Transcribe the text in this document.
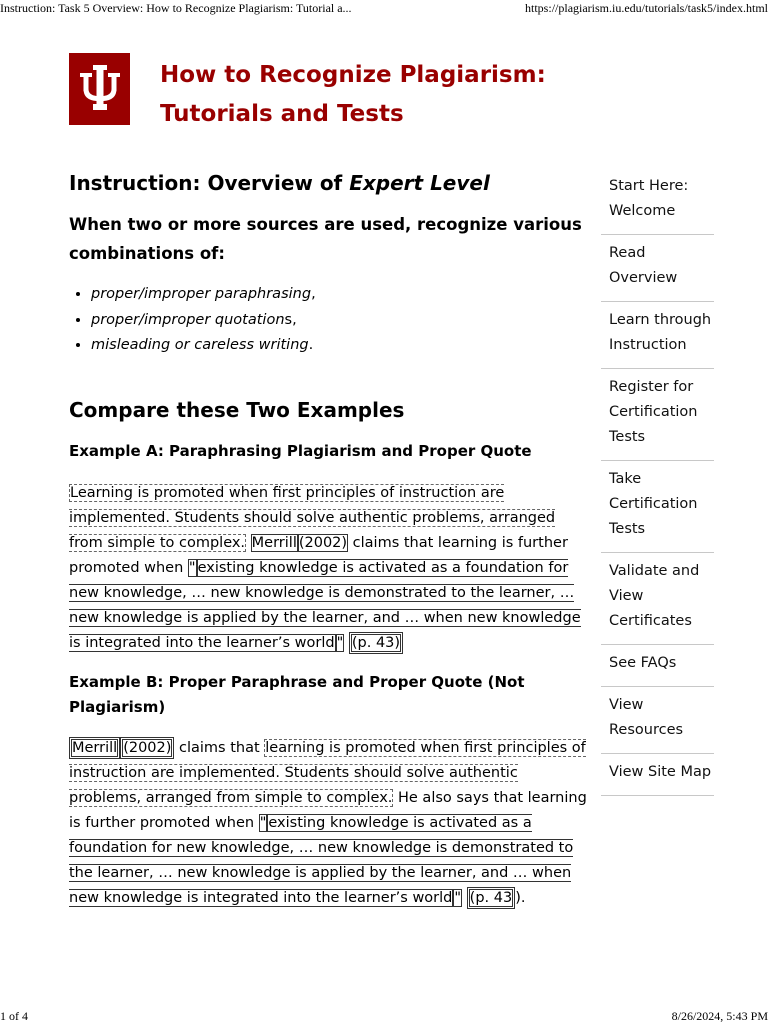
Instruction: Task 5 Overview: How to Recognize Plagiarism: Tutorial a...	https://plagiarism.iu.edu/tutorials/task5/index.html
How to Recognize Plagiarism:
Tutorials and Tests
Instruction: Overview of Expert Level

When two or more sources are used, recognize various combinations of:

• proper/improper paraphrasing,
• proper/improper quotations,
• misleading or careless writing.
Compare these Two Examples
Example A: Paraphrasing Plagiarism and Proper Quote

Learning is promoted when first principles of instruction are implemented. Students should solve authentic problems, arranged from simple to complex. Merrill (2002) claims that learning is further promoted when " existing knowledge is activated as a foundation for new knowledge, … new knowledge is demonstrated to the learner, … new knowledge is applied by the learner, and … when new knowledge is integrated into the learner’s world " (p. 43)

Example B: Proper Paraphrase and Proper Quote (Not Plagiarism)

Merrill (2002) claims that learning is promoted when first principles of instruction are implemented. Students should solve authentic problems, arranged from simple to complex. He also says that learning is further promoted when " existing knowledge is activated as a foundation for new knowledge, … new knowledge is demonstrated to the learner, … new knowledge is applied by the learner, and … when new knowledge is integrated into the learner’s world " (p. 43 ).

Start Here: Welcome
Read Overview
Learn through Instruction
Register for Certification Tests
Take Certification Tests
Validate and View Certificates
See FAQs
View Resources
View Site Map
1 of 4	8/26/2024, 5:43 PM
